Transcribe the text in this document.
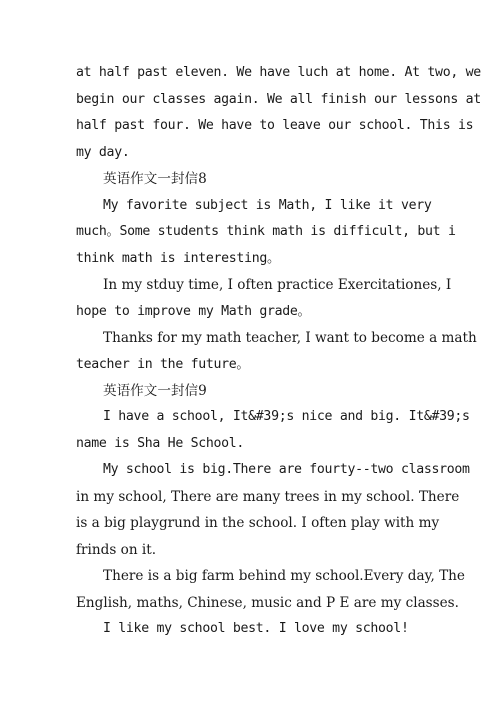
at half past eleven. We have luch at home. At two, we
begin our classes again. We all finish our lessons at
half past four. We have to leave our school. This is
my day.
英语作文一封信8
My favorite subject is Math, I like it very
much。Some students think math is difficult, but i
think math is interesting。
In my stduy time, I often practice Exercitationes, I
hope to improve my Math grade。
Thanks for my math teacher, I want to become a math
teacher in the future。
英语作文一封信9
I have a school, It&#39;s nice and big. It&#39;s
name is Sha He School.
My school is big.There are fourty--two classroom
in my school, There are many trees in my school. There
is a big playgrund in the school. I often play with my
frinds on it.
There is a big farm behind my school.Every day, The
English, maths, Chinese, music and P E are my classes.
I like my school best. I love my school!
